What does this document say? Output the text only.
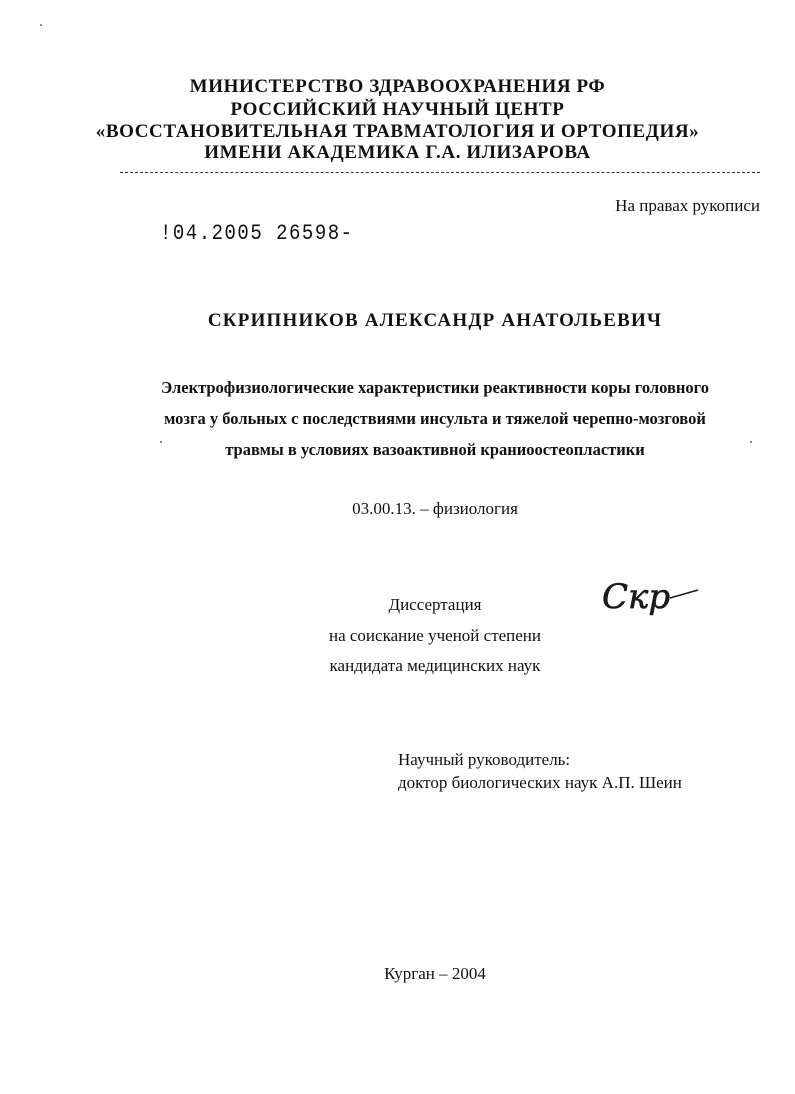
МИНИСТЕРСТВО ЗДРАВООХРАНЕНИЯ РФ
РОССИЙСКИЙ НАУЧНЫЙ ЦЕНТР
«ВОССТАНОВИТЕЛЬНАЯ ТРАВМАТОЛОГИЯ И ОРТОПЕДИЯ»
ИМЕНИ АКАДЕМИКА Г.А. ИЛИЗАРОВА
На правах рукописи
!04.2005 26598-
СКРИПНИКОВ АЛЕКСАНДР АНАТОЛЬЕВИЧ
Электрофизиологические характеристики реактивности коры головного
мозга у больных с последствиями инсульта и тяжелой черепно-мозговой
травмы в условиях вазоактивной краниоостеопластики
03.00.13. – физиология
Диссертация
на соискание ученой степени
кандидата медицинских наук
Скр
Научный руководитель:
доктор биологических наук А.П. Шеин
Курган – 2004
